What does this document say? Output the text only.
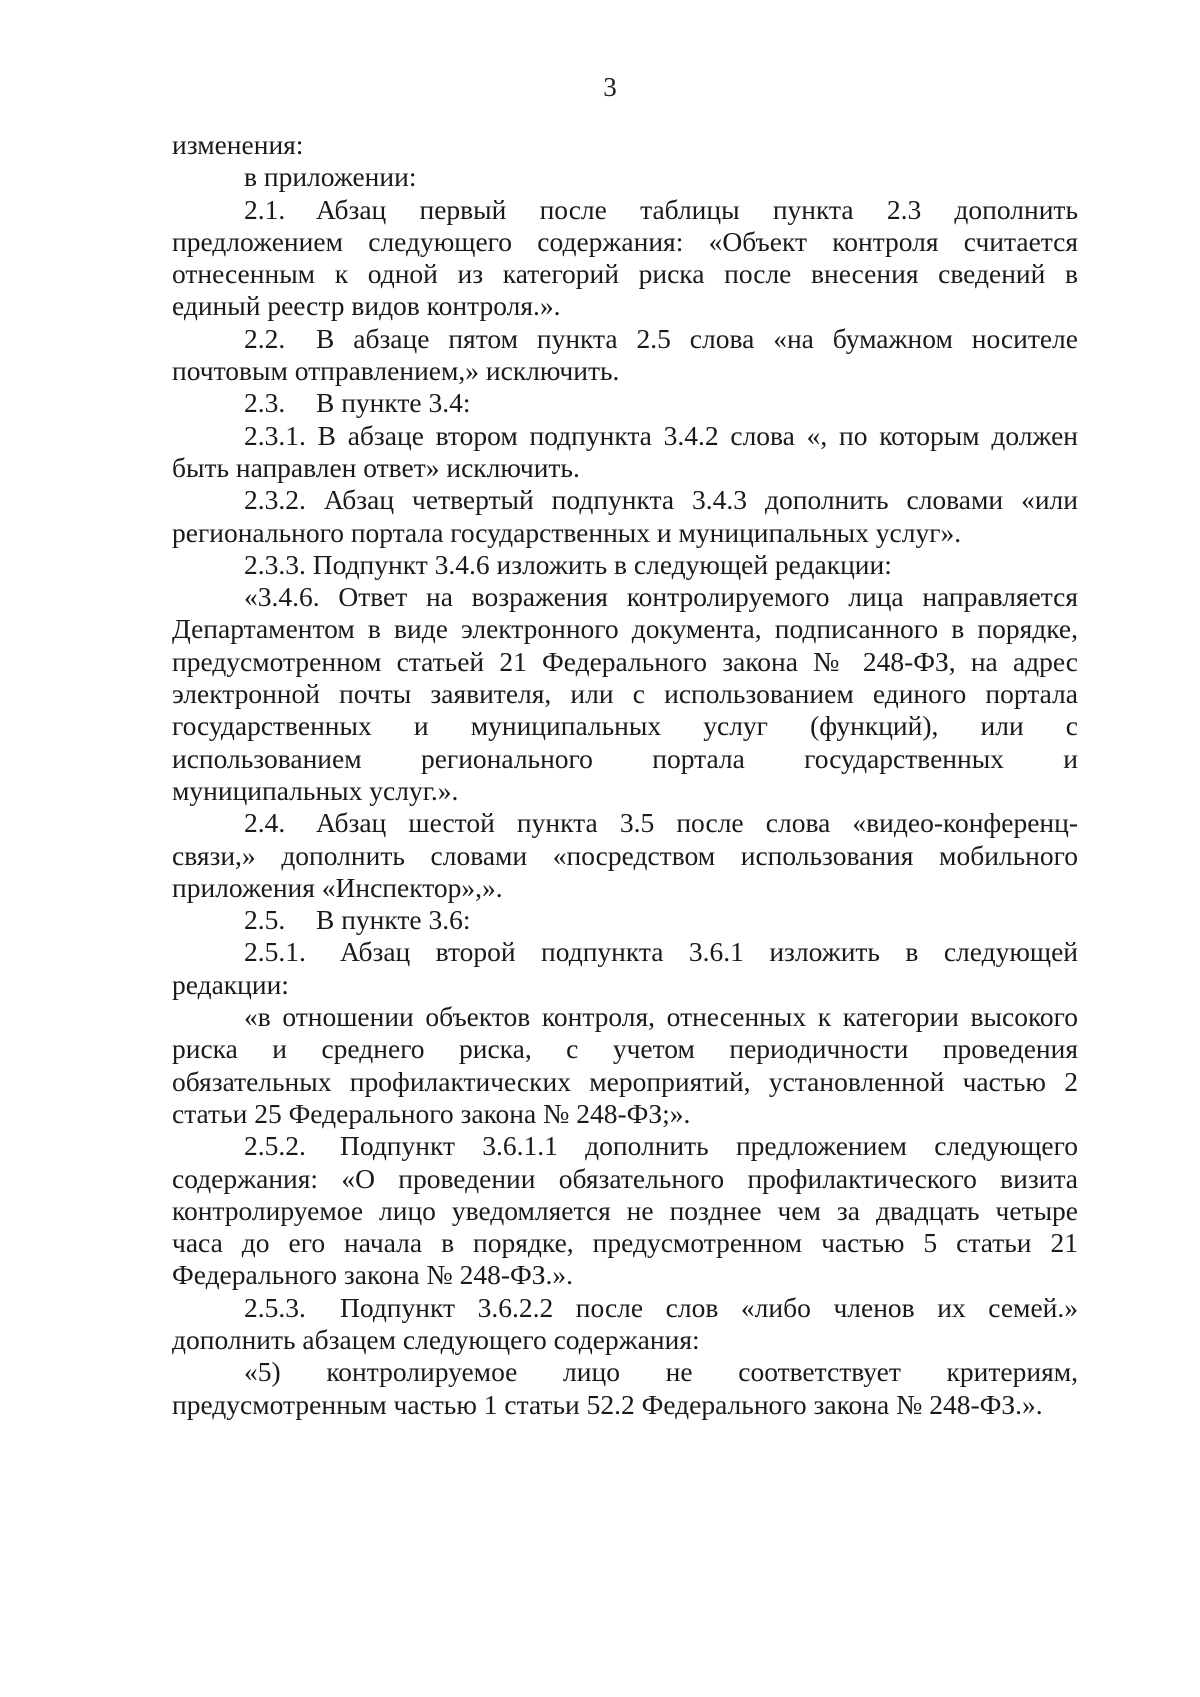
3
изменения:
в приложении:
2.1.	Абзац первый после таблицы пункта 2.3 дополнить
предложением следующего содержания: «Объект контроля считается
отнесенным к одной из категорий риска после внесения сведений в
единый реестр видов контроля.».
2.2.	В абзаце пятом пункта 2.5 слова «на бумажном носителе
почтовым отправлением,» исключить.
2.3.	В пункте 3.4:
2.3.1. В абзаце втором подпункта 3.4.2 слова «, по которым должен
быть направлен ответ» исключить.
2.3.2. Абзац четвертый подпункта 3.4.3 дополнить словами «или
регионального портала государственных и муниципальных услуг».
2.3.3. Подпункт 3.4.6 изложить в следующей редакции:
«3.4.6. Ответ на возражения контролируемого лица направляется
Департаментом в виде электронного документа, подписанного в порядке,
предусмотренном статьей 21 Федерального закона № 248-ФЗ, на адрес
электронной почты заявителя, или с использованием единого портала
государственных и муниципальных услуг (функций), или с
использованием регионального портала государственных и
муниципальных услуг.».
2.4.	Абзац шестой пункта 3.5 после слова «видео-конференц-
связи,» дополнить словами «посредством использования мобильного
приложения «Инспектор»,».
2.5.	В пункте 3.6:
2.5.1.	Абзац второй подпункта 3.6.1 изложить в следующей
редакции:
«в отношении объектов контроля, отнесенных к категории высокого
риска и среднего риска, с учетом периодичности проведения
обязательных профилактических мероприятий, установленной частью 2
статьи 25 Федерального закона № 248-ФЗ;».
2.5.2.	Подпункт 3.6.1.1 дополнить предложением следующего
содержания: «О проведении обязательного профилактического визита
контролируемое лицо уведомляется не позднее чем за двадцать четыре
часа до его начала в порядке, предусмотренном частью 5 статьи 21
Федерального закона № 248-ФЗ.».
2.5.3.	Подпункт 3.6.2.2 после слов «либо членов их семей.»
дополнить абзацем следующего содержания:
«5) контролируемое лицо не соответствует критериям,
предусмотренным частью 1 статьи 52.2 Федерального закона № 248-ФЗ.».
